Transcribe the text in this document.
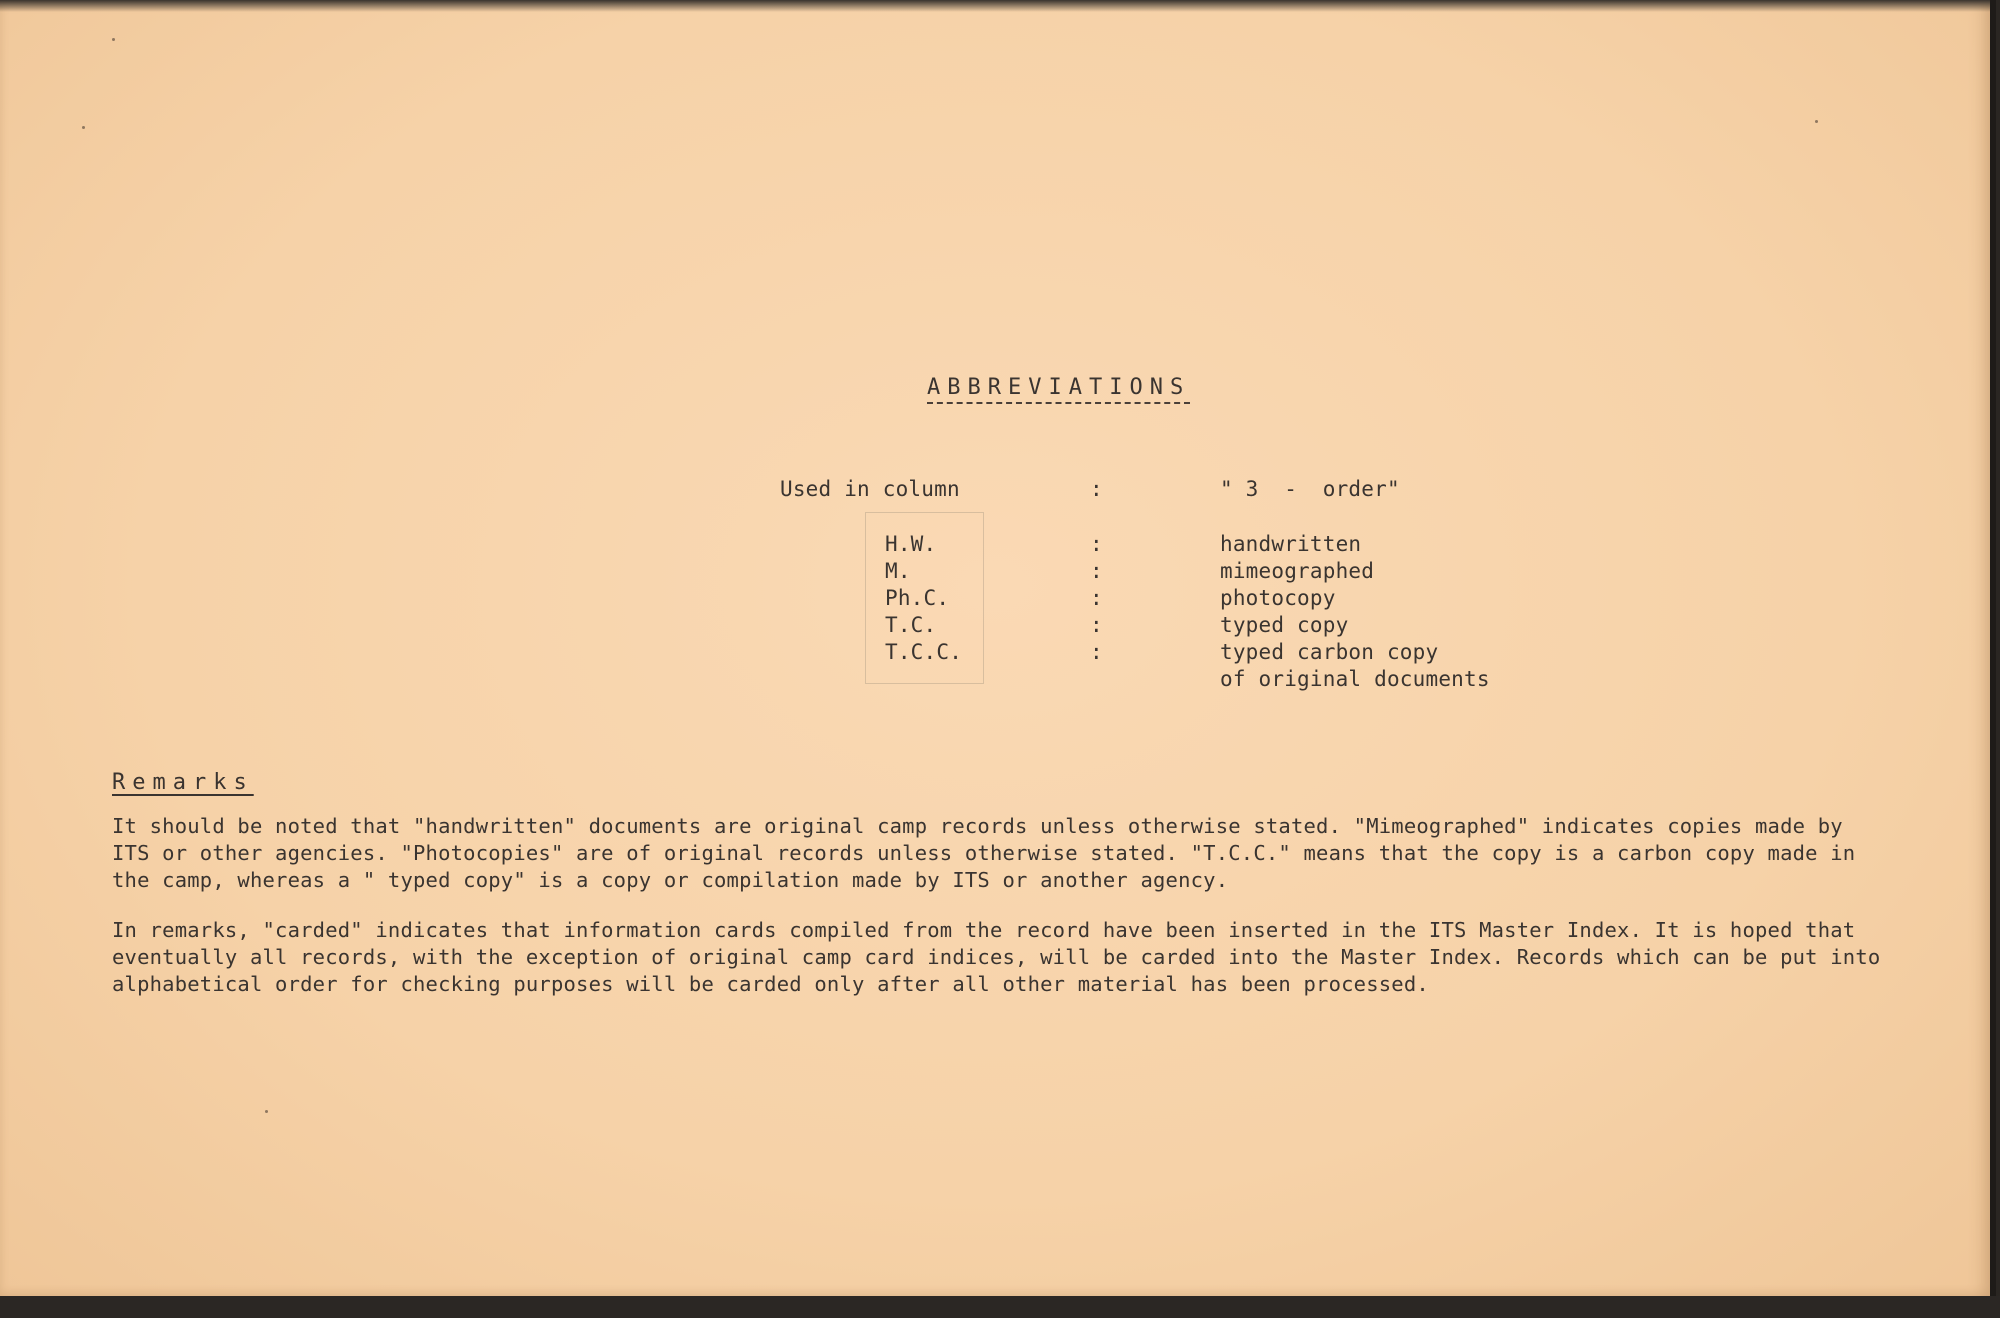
ABBREVIATIONS
Used in column	:	" 3  -  order"
H.W.	:	handwritten
M.	:	mimeographed
Ph.C.	:	photocopy
T.C.	:	typed copy
T.C.C.	:	typed carbon copy
of original documents
Remarks
It should be noted that "handwritten" documents are original camp records unless otherwise stated. "Mimeographed" indicates copies made by ITS or other agencies. "Photocopies" are of original records unless otherwise stated. "T.C.C." means that the copy is a carbon copy made in the camp, whereas a " typed copy" is a copy or compilation made by ITS or another agency.
In remarks, "carded" indicates that information cards compiled from the record have been inserted in the ITS Master Index. It is hoped that eventually all records, with the exception of original camp card indices, will be carded into the Master Index. Records which can be put into alphabetical order for checking purposes will be carded only after all other material has been processed.
